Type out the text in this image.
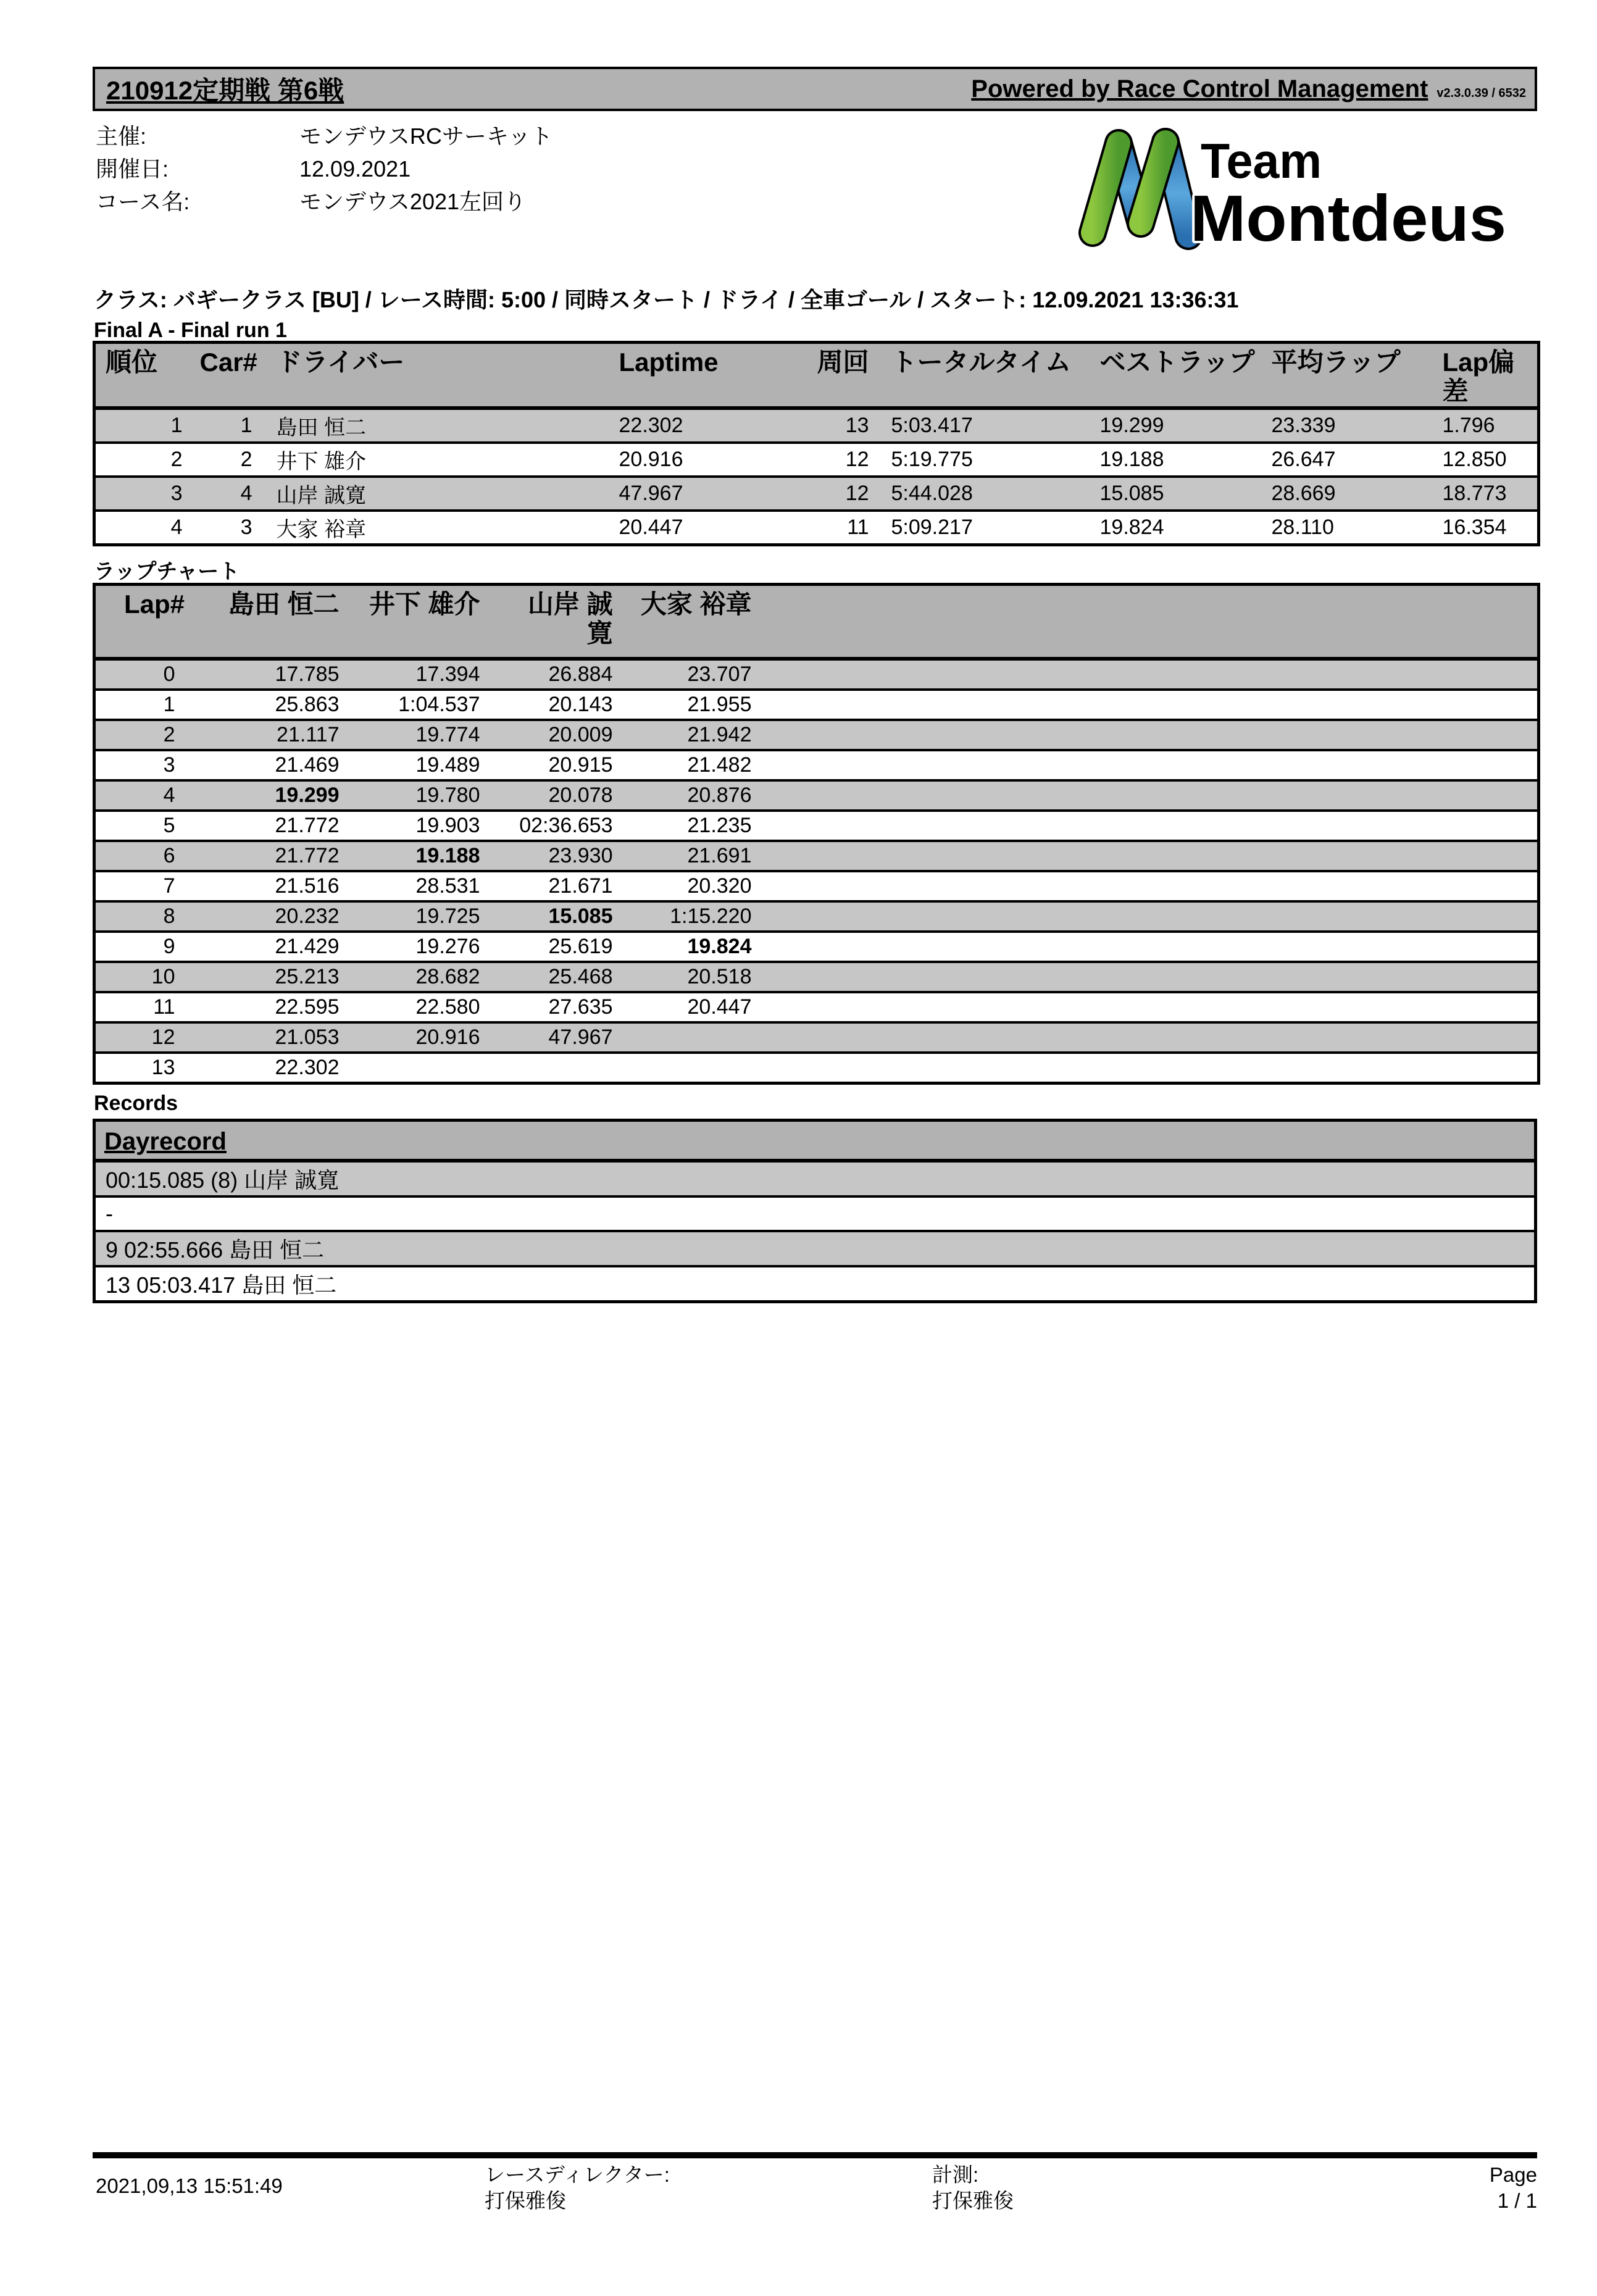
210912定期戦 第6戦	Powered by Race Control Management v2.3.0.39 / 6532
主催:	モンデウスRCサーキット
開催日:	12.09.2021
コース名:	モンデウス2021左回り
Team
Montdeus
クラス: バギークラス [BU] / レース時間: 5:00 / 同時スタート / ドライ / 全車ゴール / スタート: 12.09.2021 13:36:31
Final A - Final run 1
順位	Car#	ドライバー	Laptime	周回	トータルタイム	ベストラップ	平均ラップ	Lap偏差
1	1	島田 恒二	22.302	13	5:03.417	19.299	23.339	1.796
2	2	井下 雄介	20.916	12	5:19.775	19.188	26.647	12.850
3	4	山岸 誠寛	47.967	12	5:44.028	15.085	28.669	18.773
4	3	大家 裕章	20.447	11	5:09.217	19.824	28.110	16.354
ラップチャート
Lap#	島田 恒二	井下 雄介	山岸 誠寛	大家 裕章	
0	17.785	17.394	26.884	23.707	
1	25.863	1:04.537	20.143	21.955	
2	21.117	19.774	20.009	21.942	
3	21.469	19.489	20.915	21.482	
4	19.299	19.780	20.078	20.876	
5	21.772	19.903	02:36.653	21.235	
6	21.772	19.188	23.930	21.691	
7	21.516	28.531	21.671	20.320	
8	20.232	19.725	15.085	1:15.220	
9	21.429	19.276	25.619	19.824	
10	25.213	28.682	25.468	20.518	
11	22.595	22.580	27.635	20.447	
12	21.053	20.916	47.967		
13	22.302				
Records
Dayrecord
00:15.085 (8) 山岸 誠寛
-
9 02:55.666 島田 恒二
13 05:03.417 島田 恒二
2021,09,13 15:51:49	レースディレクター:
打保雅俊
計測:
打保雅俊
Page
1 / 1
